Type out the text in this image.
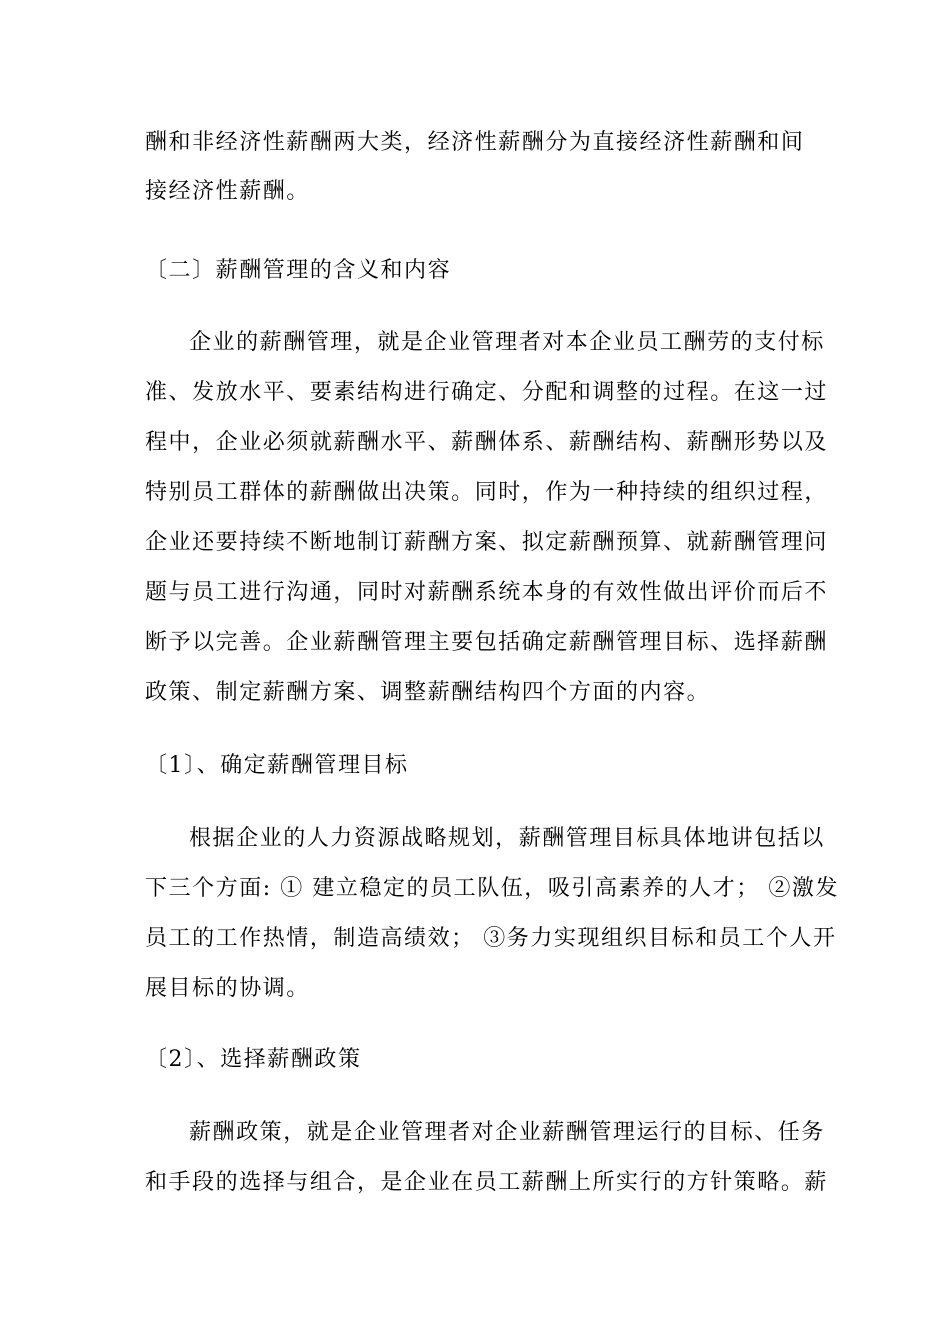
酬和非经济性薪酬两大类，经济性薪酬分为直接经济性薪酬和间
接经济性薪酬。
〔二〕薪酬管理的含义和内容
企业的薪酬管理，就是企业管理者对本企业员工酬劳的支付标
准、发放水平、要素结构进行确定、分配和调整的过程。在这一过
程中，企业必须就薪酬水平、薪酬体系、薪酬结构、薪酬形势以及
特别员工群体的薪酬做出决策。同时，作为一种持续的组织过程，
企业还要持续不断地制订薪酬方案、拟定薪酬预算、就薪酬管理问
题与员工进行沟通，同时对薪酬系统本身的有效性做出评价而后不
断予以完善。企业薪酬管理主要包括确定薪酬管理目标、选择薪酬
政策、制定薪酬方案、调整薪酬结构四个方面的内容。
〔1〕、确定薪酬管理目标
根据企业的人力资源战略规划，薪酬管理目标具体地讲包括以
下三个方面: ① 建立稳定的员工队伍，吸引高素养的人才； ②激发
员工的工作热情，制造高绩效； ③务力实现组织目标和员工个人开
展目标的协调。
〔2〕、选择薪酬政策
薪酬政策，就是企业管理者对企业薪酬管理运行的目标、任务
和手段的选择与组合，是企业在员工薪酬上所实行的方针策略。薪
